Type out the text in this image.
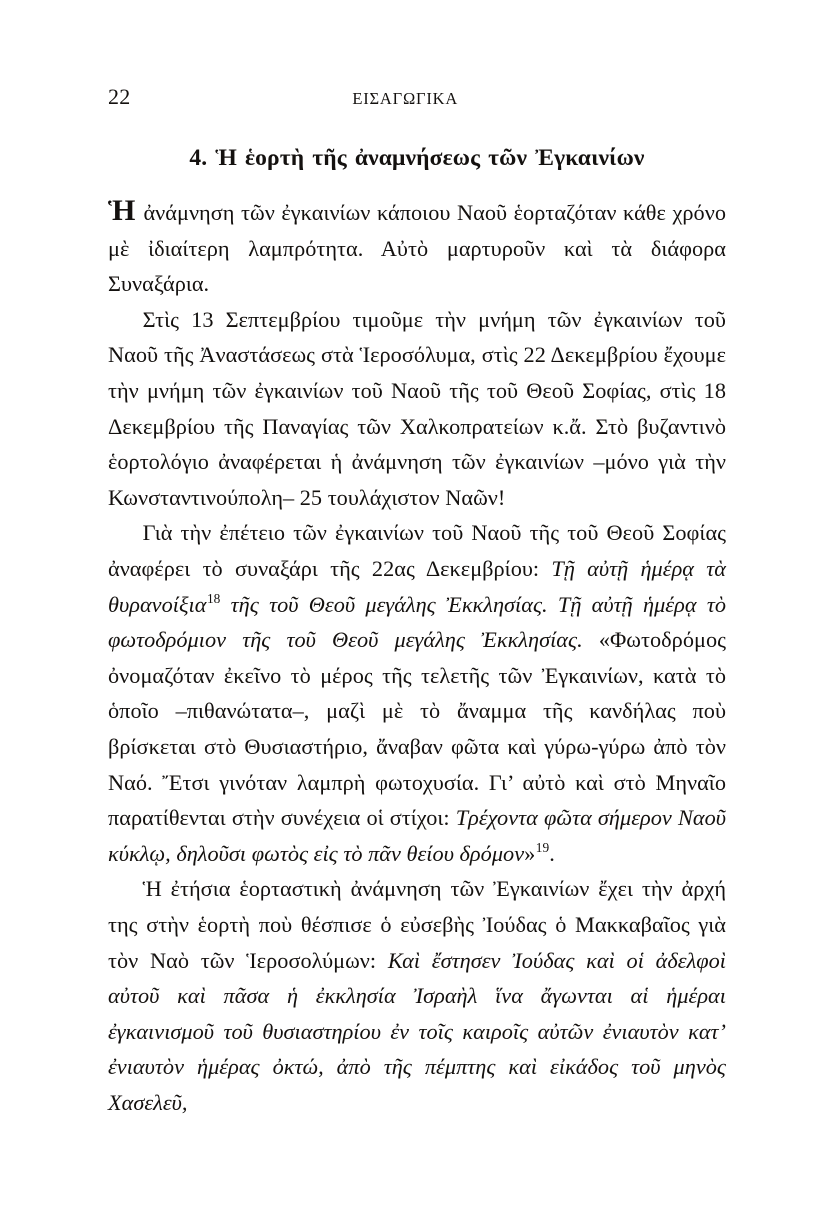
22	ΕΙΣΑΓΩΓΙΚΑ
4. Ἡ ἑορτὴ τῆς ἀναμνήσεως τῶν Ἐγκαινίων

Ἡ ἀνάμνηση τῶν ἐγκαινίων κάποιου Ναοῦ ἑορταζόταν κάθε χρόνο μὲ ἰδιαίτερη λαμπρότητα. Αὐτὸ μαρτυροῦν καὶ τὰ διάφορα Συναξάρια.

Στὶς 13 Σεπτεμβρίου τιμοῦμε τὴν μνήμη τῶν ἐγκαινίων τοῦ Ναοῦ τῆς Ἀναστάσεως στὰ Ἱεροσόλυμα, στὶς 22 Δεκεμβρίου ἔχουμε τὴν μνήμη τῶν ἐγκαινίων τοῦ Ναοῦ τῆς τοῦ Θεοῦ Σοφίας, στὶς 18 Δεκεμβρίου τῆς Παναγίας τῶν Χαλκοπρατείων κ.ἄ. Στὸ βυζαντινὸ ἑορτολόγιο ἀναφέρεται ἡ ἀνάμνηση τῶν ἐγκαινίων –μόνο γιὰ τὴν Κωνσταντινούπολη– 25 τουλάχιστον Ναῶν!

Γιὰ τὴν ἐπέτειο τῶν ἐγκαινίων τοῦ Ναοῦ τῆς τοῦ Θεοῦ Σοφίας ἀναφέρει τὸ συναξάρι τῆς 22ας Δεκεμβρίου: Τῇ αὐτῇ ἡμέρᾳ τὰ θυρανοίξια$^{18}$ τῆς τοῦ Θεοῦ μεγάλης Ἐκκλησίας. Τῇ αὐτῇ ἡμέρᾳ τὸ φωτοδρόμιον τῆς τοῦ Θεοῦ μεγάλης Ἐκκλησίας. «Φωτοδρόμος ὀνομαζόταν ἐκεῖνο τὸ μέρος τῆς τελετῆς τῶν Ἐγκαινίων, κατὰ τὸ ὁποῖο –πιθανώτατα–, μαζὶ μὲ τὸ ἄναμμα τῆς κανδήλας ποὺ βρίσκεται στὸ Θυσιαστήριο, ἄναβαν φῶτα καὶ γύρω-γύρω ἀπὸ τὸν Ναό. Ἔτσι γινόταν λαμπρὴ φωτοχυσία. Γι’ αὐτὸ καὶ στὸ Μηναῖο παρατίθενται στὴν συνέχεια οἱ στίχοι: Τρέχοντα φῶτα σήμερον Ναοῦ κύκλῳ, δηλοῦσι φωτὸς εἰς τὸ πᾶν θείου δρόμον»$^{19}$.

Ἡ ἐτήσια ἑορταστικὴ ἀνάμνηση τῶν Ἐγκαινίων ἔχει τὴν ἀρχή της στὴν ἑορτὴ ποὺ θέσπισε ὁ εὐσεβὴς Ἰούδας ὁ Μακκαβαῖος γιὰ τὸν Ναὸ τῶν Ἱεροσολύμων: Καὶ ἔστησεν Ἰούδας καὶ οἱ ἀδελφοὶ αὐτοῦ καὶ πᾶσα ἡ ἐκκλησία Ἰσραὴλ ἵνα ἄγωνται αἱ ἡμέραι ἐγκαινισμοῦ τοῦ θυσιαστηρίου ἐν τοῖς καιροῖς αὐτῶν ἐνιαυτὸν κατ’ ἐνιαυτὸν ἡμέρας ὀκτώ, ἀπὸ τῆς πέμπτης καὶ εἰκάδος τοῦ μηνὸς Χασελεῦ,
